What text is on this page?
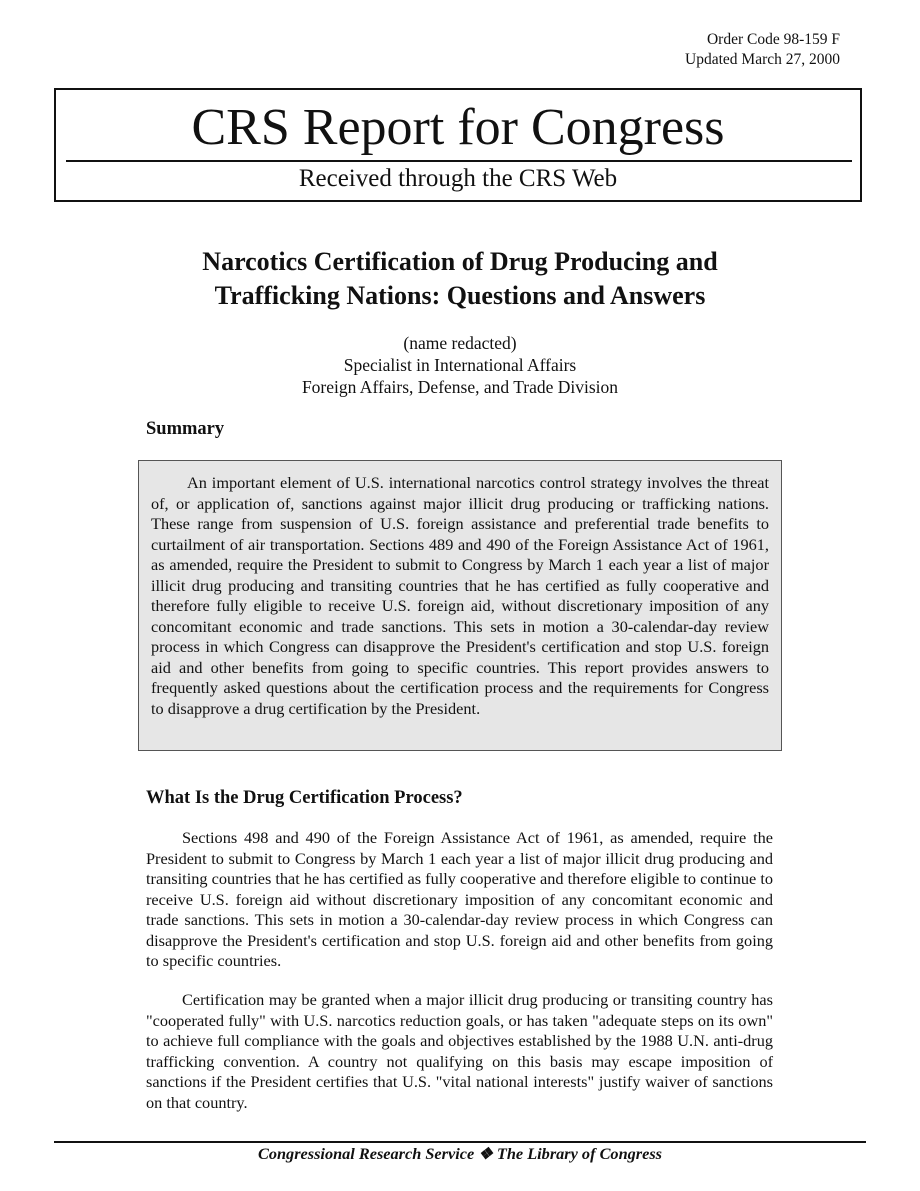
Order Code 98-159 F
Updated March 27, 2000
CRS Report for Congress
Received through the CRS Web
Narcotics Certification of Drug Producing and
Trafficking Nations: Questions and Answers
(name redacted)
Specialist in International Affairs
Foreign Affairs, Defense, and Trade Division
Summary

An important element of U.S. international narcotics control strategy involves the threat of, or application of, sanctions against major illicit drug producing or trafficking nations. These range from suspension of U.S. foreign assistance and preferential trade benefits to curtailment of air transportation. Sections 489 and 490 of the Foreign Assistance Act of 1961, as amended, require the President to submit to Congress by March 1 each year a list of major illicit drug producing and transiting countries that he has certified as fully cooperative and therefore fully eligible to receive U.S. foreign aid, without discretionary imposition of any concomitant economic and trade sanctions. This sets in motion a 30-calendar-day review process in which Congress can disapprove the President's certification and stop U.S. foreign aid and other benefits from going to specific countries. This report provides answers to frequently asked questions about the certification process and the requirements for Congress to disapprove a drug certification by the President.

What Is the Drug Certification Process?

Sections 498 and 490 of the Foreign Assistance Act of 1961, as amended, require the President to submit to Congress by March 1 each year a list of major illicit drug producing and transiting countries that he has certified as fully cooperative and therefore eligible to continue to receive U.S. foreign aid without discretionary imposition of any concomitant economic and trade sanctions. This sets in motion a 30-calendar-day review process in which Congress can disapprove the President's certification and stop U.S. foreign aid and other benefits from going to specific countries.

Certification may be granted when a major illicit drug producing or transiting country has "cooperated fully" with U.S. narcotics reduction goals, or has taken "adequate steps on its own" to achieve full compliance with the goals and objectives established by the 1988 U.N. anti-drug trafficking convention. A country not qualifying on this basis may escape imposition of sanctions if the President certifies that U.S. "vital national interests" justify waiver of sanctions on that country.

Congressional Research Service ❖ The Library of Congress
